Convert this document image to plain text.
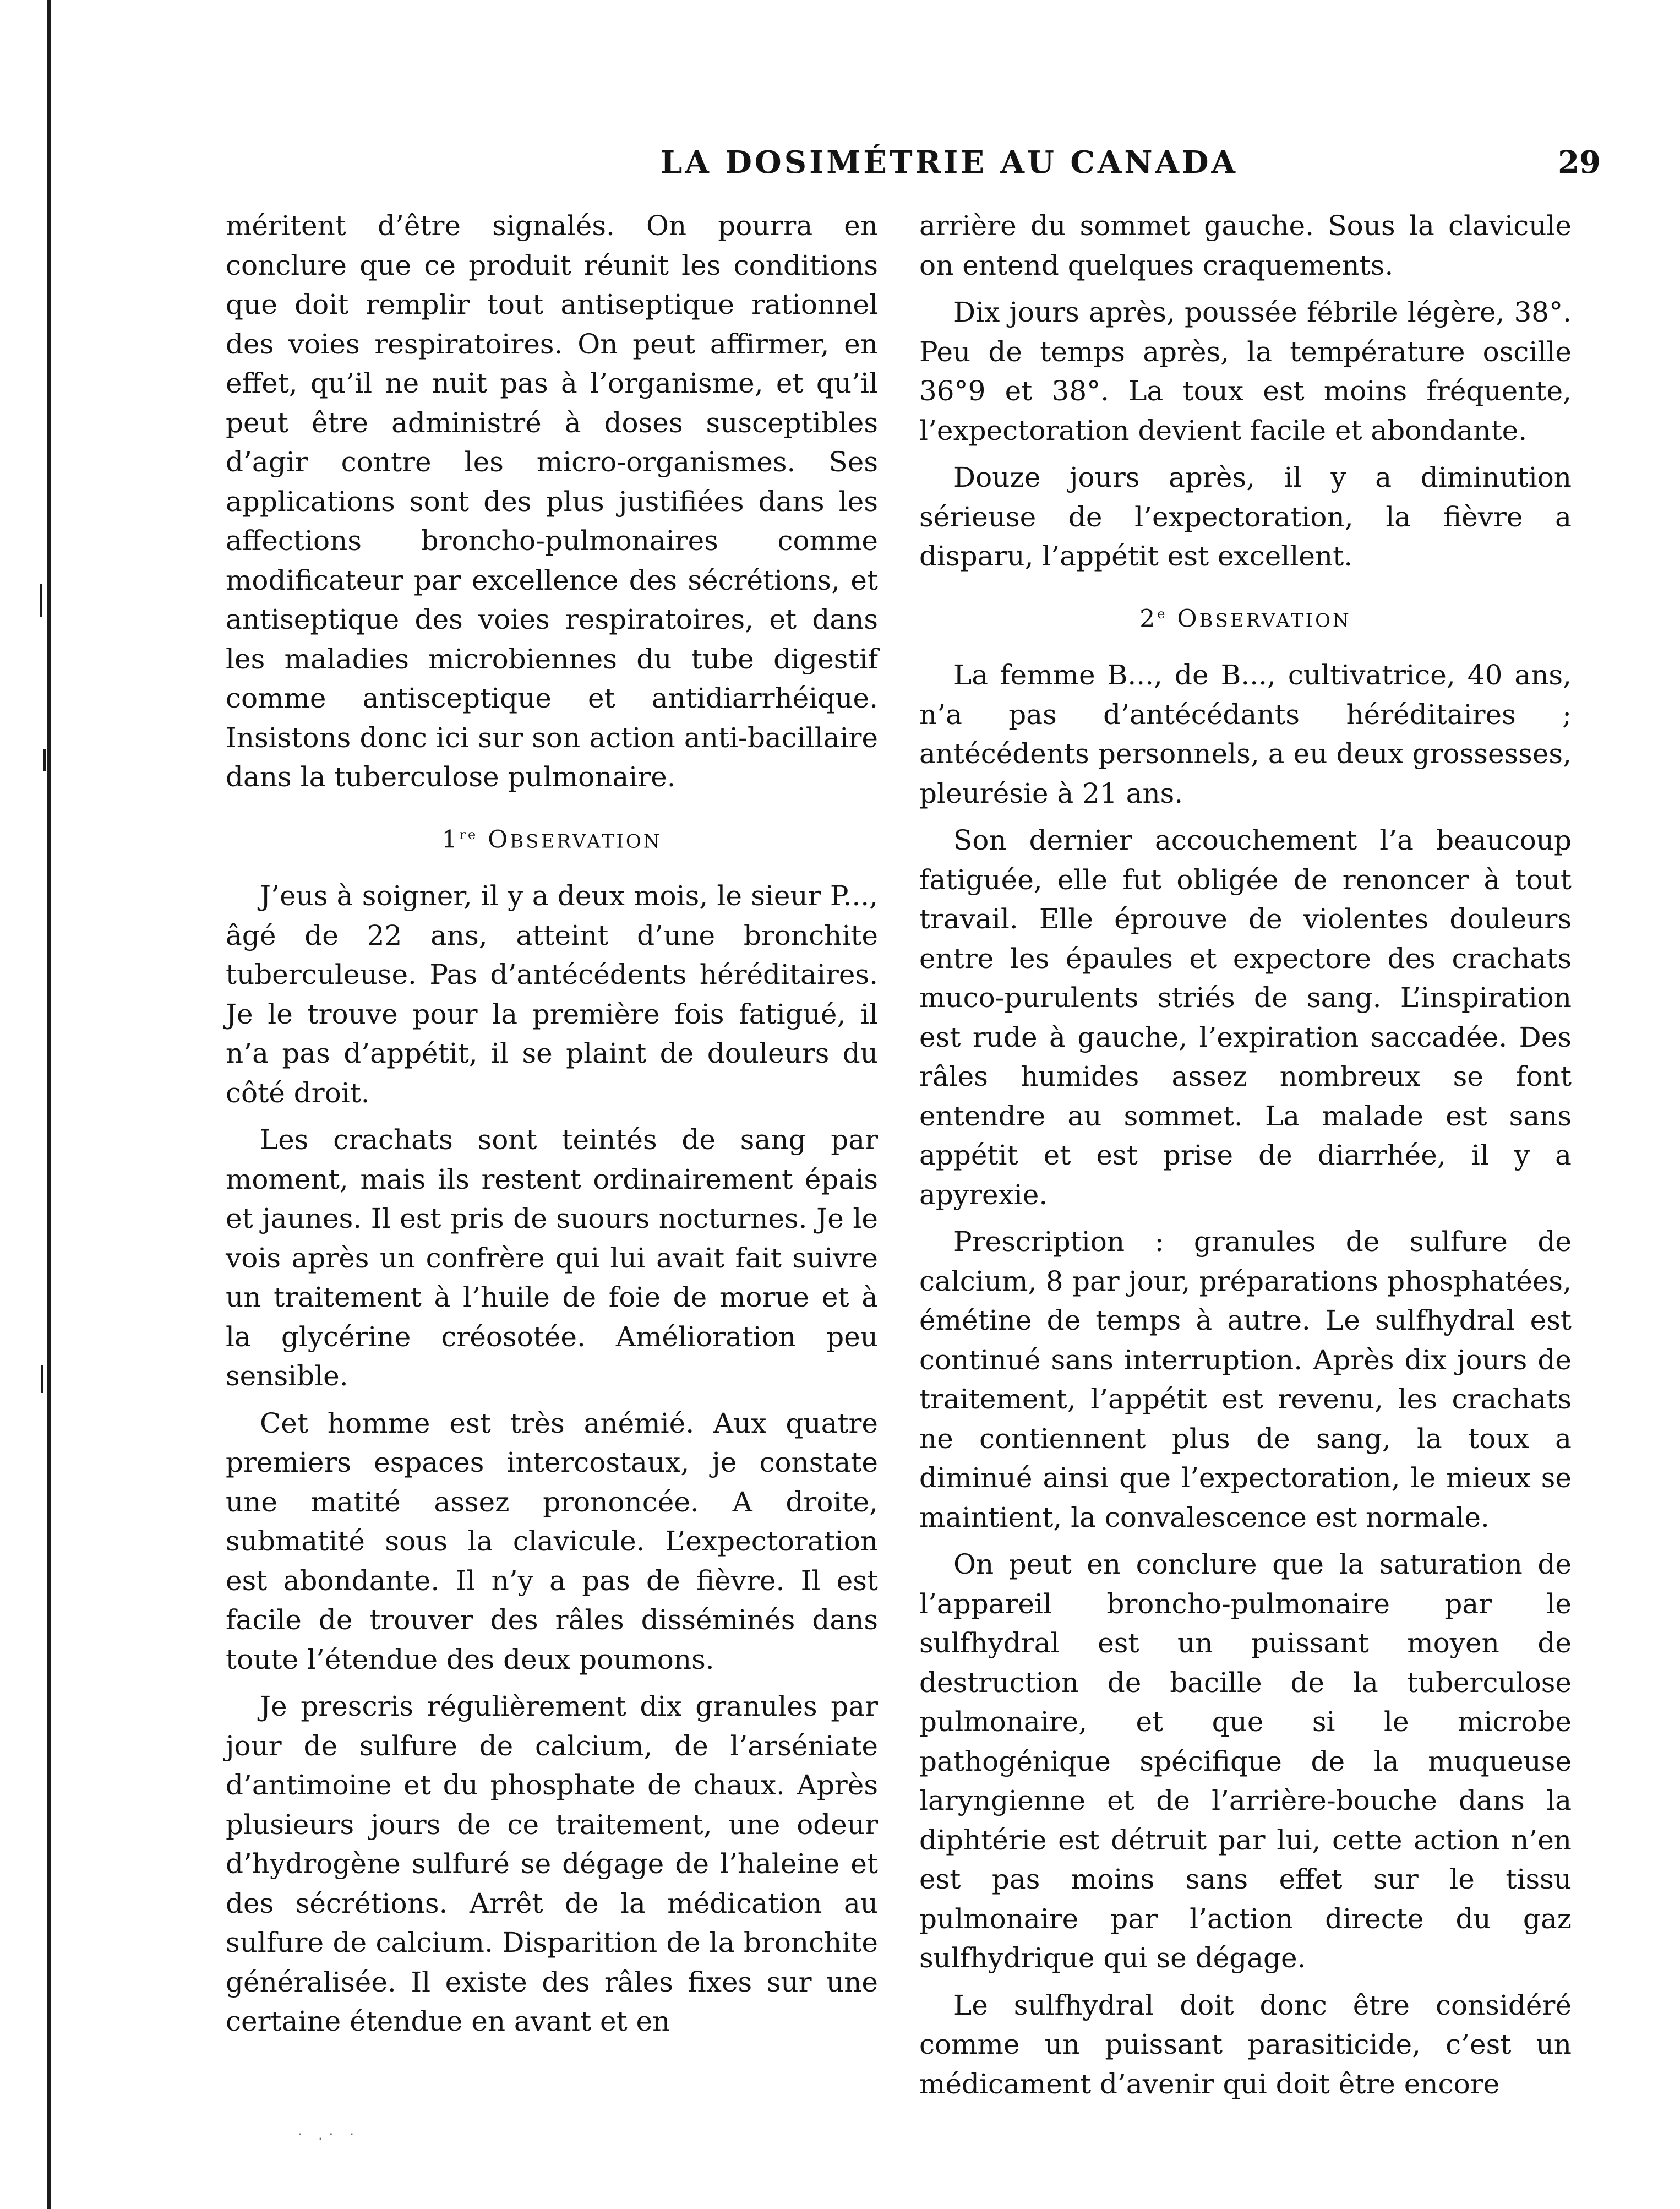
LA DOSIMÉTRIE AU CANADA	29

méritent d’être signalés. On pourra en conclure que ce produit réunit les conditions que doit remplir tout antiseptique rationnel des voies respiratoires. On peut affirmer, en effet, qu’il ne nuit pas à l’organisme, et qu’il peut être administré à doses susceptibles d’agir contre les micro-organismes. Ses applications sont des plus justifiées dans les affections broncho-pulmonaires comme modificateur par excellence des sécrétions, et antiseptique des voies respiratoires, et dans les maladies microbiennes du tube digestif comme antisceptique et antidiarrhéique. Insistons donc ici sur son action anti-bacillaire dans la tuberculose pulmonaire.

1re OBSERVATION

J’eus à soigner, il y a deux mois, le sieur P..., âgé de 22 ans, atteint d’une bronchite tuberculeuse. Pas d’antécédents héréditaires. Je le trouve pour la première fois fatigué, il n’a pas d’appétit, il se plaint de douleurs du côté droit.

Les crachats sont teintés de sang par moment, mais ils restent ordinairement épais et jaunes. Il est pris de suours nocturnes. Je le vois après un confrère qui lui avait fait suivre un traitement à l’huile de foie de morue et à la glycérine créosotée. Amélioration peu sensible.

Cet homme est très anémié. Aux quatre premiers espaces intercostaux, je constate une matité assez prononcée. A droite, submatité sous la clavicule. L’expectoration est abondante. Il n’y a pas de fièvre. Il est facile de trouver des râles disséminés dans toute l’étendue des deux poumons.

Je prescris régulièrement dix granules par jour de sulfure de calcium, de l’arséniate d’antimoine et du phosphate de chaux. Après plusieurs jours de ce traitement, une odeur d’hydrogène sulfuré se dégage de l’haleine et des sécrétions. Arrêt de la médication au sulfure de calcium. Disparition de la bronchite généralisée. Il existe des râles fixes sur une certaine étendue en avant et en

arrière du sommet gauche. Sous la clavicule on entend quelques craquements.

Dix jours après, poussée fébrile légère, 38°. Peu de temps après, la température oscille 36°9 et 38°. La toux est moins fréquente, l’expectoration devient facile et abondante.

Douze jours après, il y a diminution sérieuse de l’expectoration, la fièvre a disparu, l’appétit est excellent.

2e OBSERVATION

La femme B..., de B..., cultivatrice, 40 ans, n’a pas d’antécédants héréditaires ; antécédents personnels, a eu deux grossesses, pleurésie à 21 ans.

Son dernier accouchement l’a beaucoup fatiguée, elle fut obligée de renoncer à tout travail. Elle éprouve de violentes douleurs entre les épaules et expectore des crachats muco-purulents striés de sang. L’inspiration est rude à gauche, l’expiration saccadée. Des râles humides assez nombreux se font entendre au sommet. La malade est sans appétit et est prise de diarrhée, il y a apyrexie.

Prescription : granules de sulfure de calcium, 8 par jour, préparations phosphatées, émétine de temps à autre. Le sulfhydral est continué sans interruption. Après dix jours de traitement, l’appétit est revenu, les crachats ne contiennent plus de sang, la toux a diminué ainsi que l’expectoration, le mieux se maintient, la convalescence est normale.

On peut en conclure que la saturation de l’appareil broncho-pulmonaire par le sulfhydral est un puissant moyen de destruction de bacille de la tuberculose pulmonaire, et que si le microbe pathogénique spécifique de la muqueuse laryngienne et de l’arrière-bouche dans la diphtérie est détruit par lui, cette action n’en est pas moins sans effet sur le tissu pulmonaire par l’action directe du gaz sulfhydrique qui se dégage.

Le sulfhydral doit donc être considéré comme un puissant parasiticide, c’est un médicament d’avenir qui doit être encore

· .· ·
